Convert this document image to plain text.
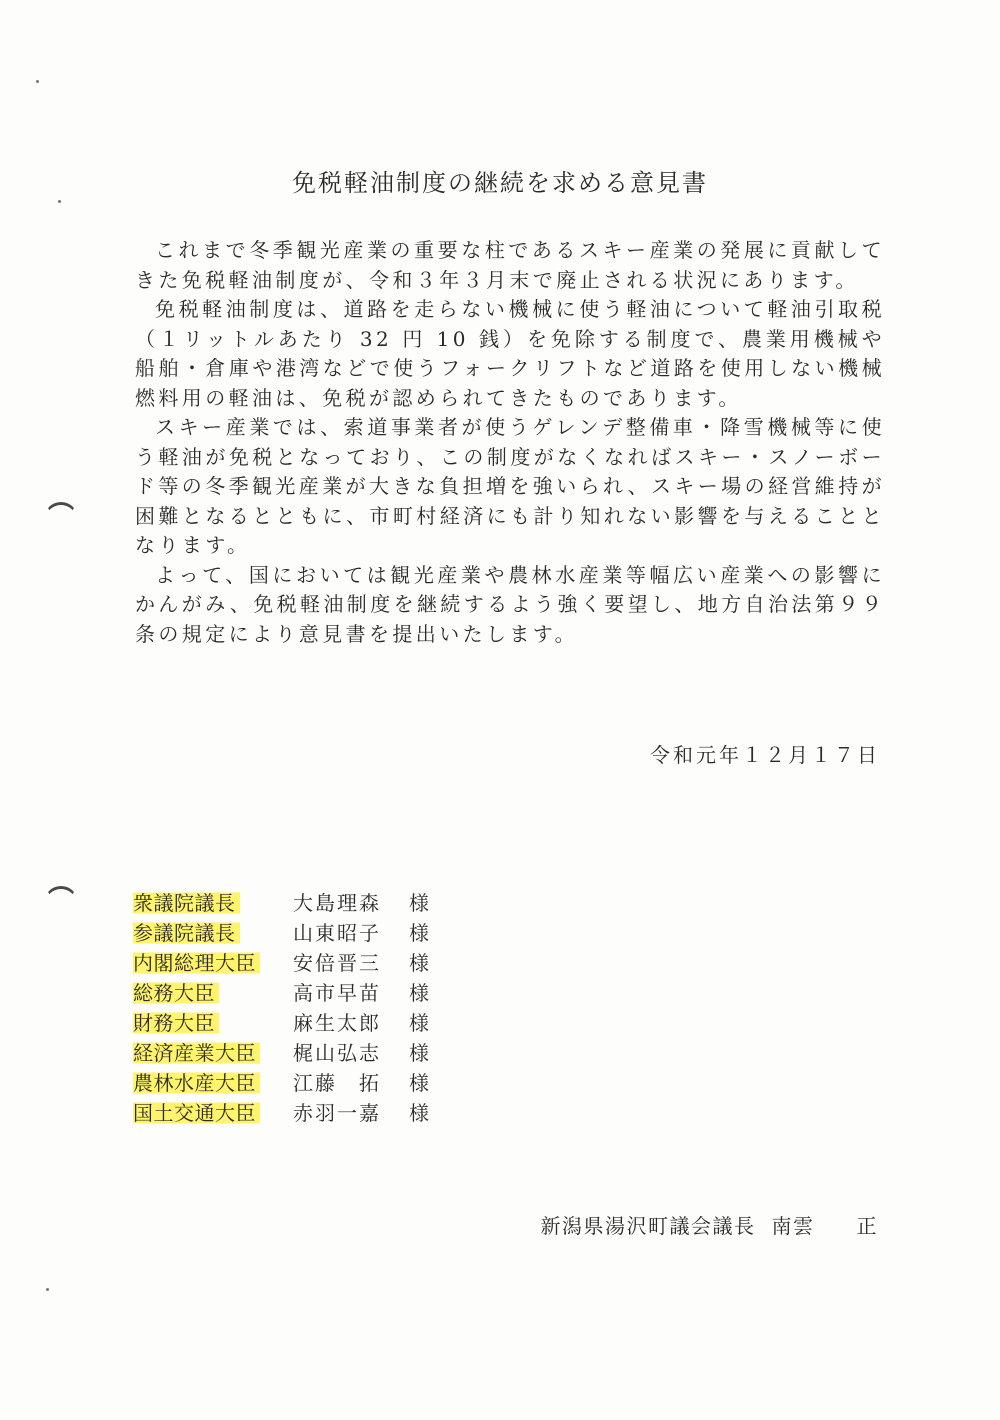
免税軽油制度の継続を求める意見書

これまで冬季観光産業の重要な柱であるスキー産業の発展に貢献してきた免税軽油制度が、令和３年３月末で廃止される状況にあります。

免税軽油制度は、道路を走らない機械に使う軽油について軽油引取税（１リットルあたり 32 円 10 銭）を免除する制度で、農業用機械や船舶・倉庫や港湾などで使うフォークリフトなど道路を使用しない機械燃料用の軽油は、免税が認められてきたものであります。

スキー産業では、索道事業者が使うゲレンデ整備車・降雪機械等に使う軽油が免税となっており、この制度がなくなればスキー・スノーボード等の冬季観光産業が大きな負担増を強いられ、スキー場の経営維持が困難となるとともに、市町村経済にも計り知れない影響を与えることとなります。

よって、国においては観光産業や農林水産業等幅広い産業への影響にかんがみ、免税軽油制度を継続するよう強く要望し、地方自治法第９９条の規定により意見書を提出いたします。

令和元年１２月１７日
衆議院議長	大島理森	様
参議院議長	山東昭子	様
内閣総理大臣	安倍晋三	様
総務大臣	高市早苗	様
財務大臣	麻生太郎	様
経済産業大臣	梶山弘志	様
農林水産大臣	江藤　拓	様
国土交通大臣	赤羽一嘉	様
新潟県湯沢町議会議長 南雲 正
